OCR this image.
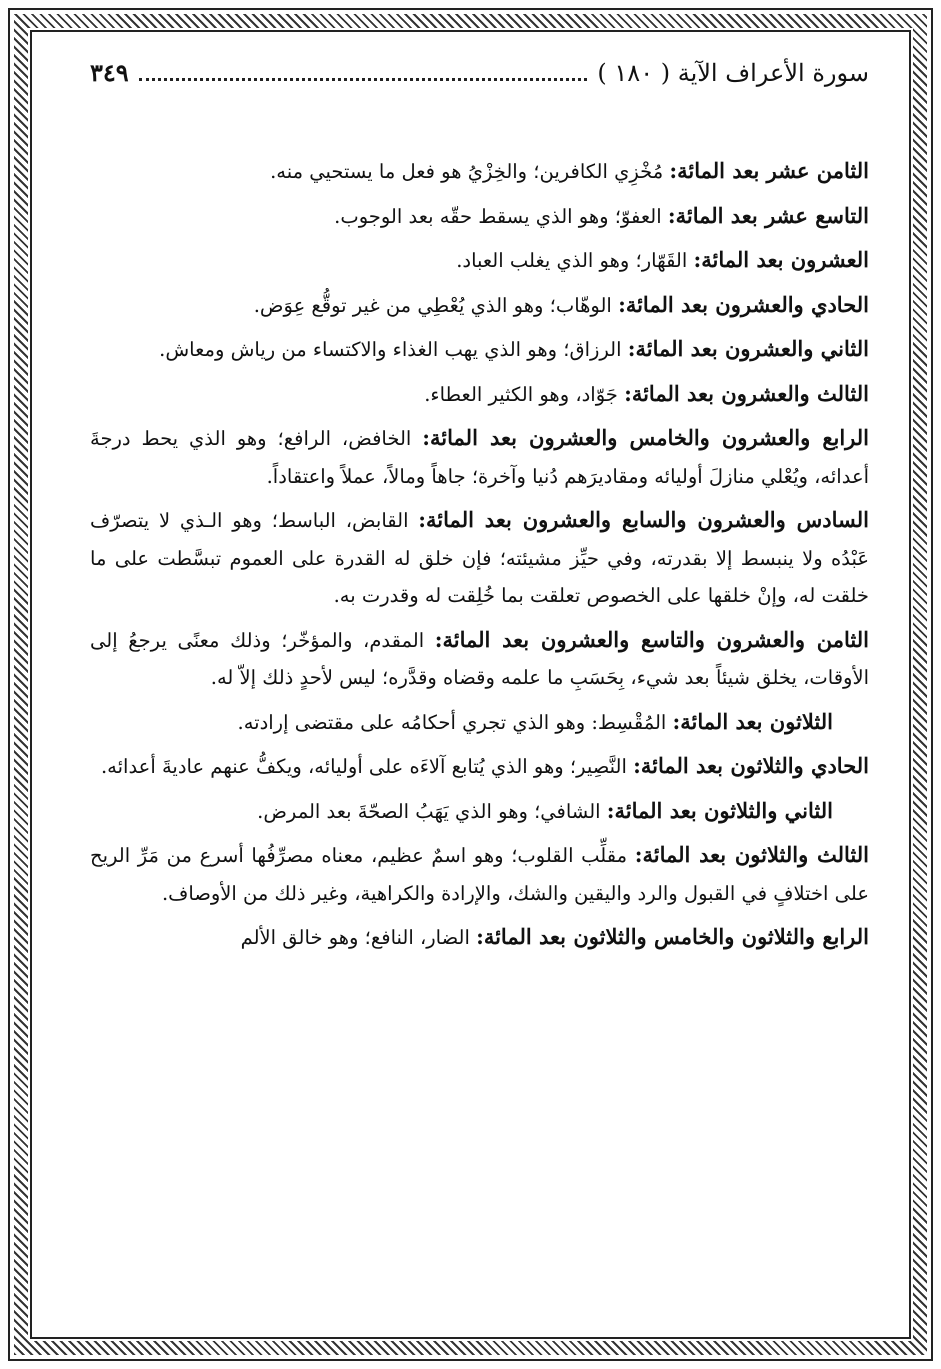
سورة الأعراف الآية ( ١٨٠ )
٣٤٩

الثامن عشر بعد المائة: مُخْزِي الكافرين؛ والخِزْيُ هو فعل ما يستحيي منه.

التاسع عشر بعد المائة: العفوّ؛ وهو الذي يسقط حقّه بعد الوجوب.

العشرون بعد المائة: القَهّار؛ وهو الذي يغلب العباد.

الحادي والعشرون بعد المائة: الوهّاب؛ وهو الذي يُعْطِي من غير توقُّع عِوَض.

الثاني والعشرون بعد المائة: الرزاق؛ وهو الذي يهب الغذاء والاكتساء من رياش ومعاش.

الثالث والعشرون بعد المائة: جَوّاد، وهو الكثير العطاء.

الرابع والعشرون والخامس والعشرون بعد المائة: الخافض، الرافع؛ وهو الذي يحط درجةَ أعدائه، ويُعْلي منازلَ أوليائه ومقاديرَهم دُنيا وآخرة؛ جاهاً ومالاً، عملاً واعتقاداً.

السادس والعشرون والسابع والعشرون بعد المائة: القابض، الباسط؛ وهو الـذي لا يتصرّف عَبْدُه ولا ينبسط إلا بقدرته، وفي حيِّز مشيئته؛ فإن خلق له القدرة على العموم تبسَّطت على ما خلقت له، وإنْ خلقها على الخصوص تعلقت بما خُلِقت له وقدرت به.

الثامن والعشرون والتاسع والعشرون بعد المائة: المقدم، والمؤخّر؛ وذلك معنًى يرجعُ إلى الأوقات، يخلق شيئاً بعد شيء، بِحَسَبِ ما علمه وقضاه وقدَّره؛ ليس لأحدٍ ذلك إلاّ له.

الثلاثون بعد المائة: المُقْسِط: وهو الذي تجري أحكامُه على مقتضى إرادته.

الحادي والثلاثون بعد المائة: النَّصِير؛ وهو الذي يُتابع آلاءَه على أوليائه، ويكفُّ عنهم عاديةَ أعدائه.

الثاني والثلاثون بعد المائة: الشافي؛ وهو الذي يَهَبُ الصحّةَ بعد المرض.

الثالث والثلاثون بعد المائة: مقلِّب القلوب؛ وهو اسمٌ عظيم، معناه مصرِّفُها أسرع من مَرِّ الريح على اختلافٍ في القبول والرد واليقين والشك، والإرادة والكراهية، وغير ذلك من الأوصاف.

الرابع والثلاثون والخامس والثلاثون بعد المائة: الضار، النافع؛ وهو خالق الألم
